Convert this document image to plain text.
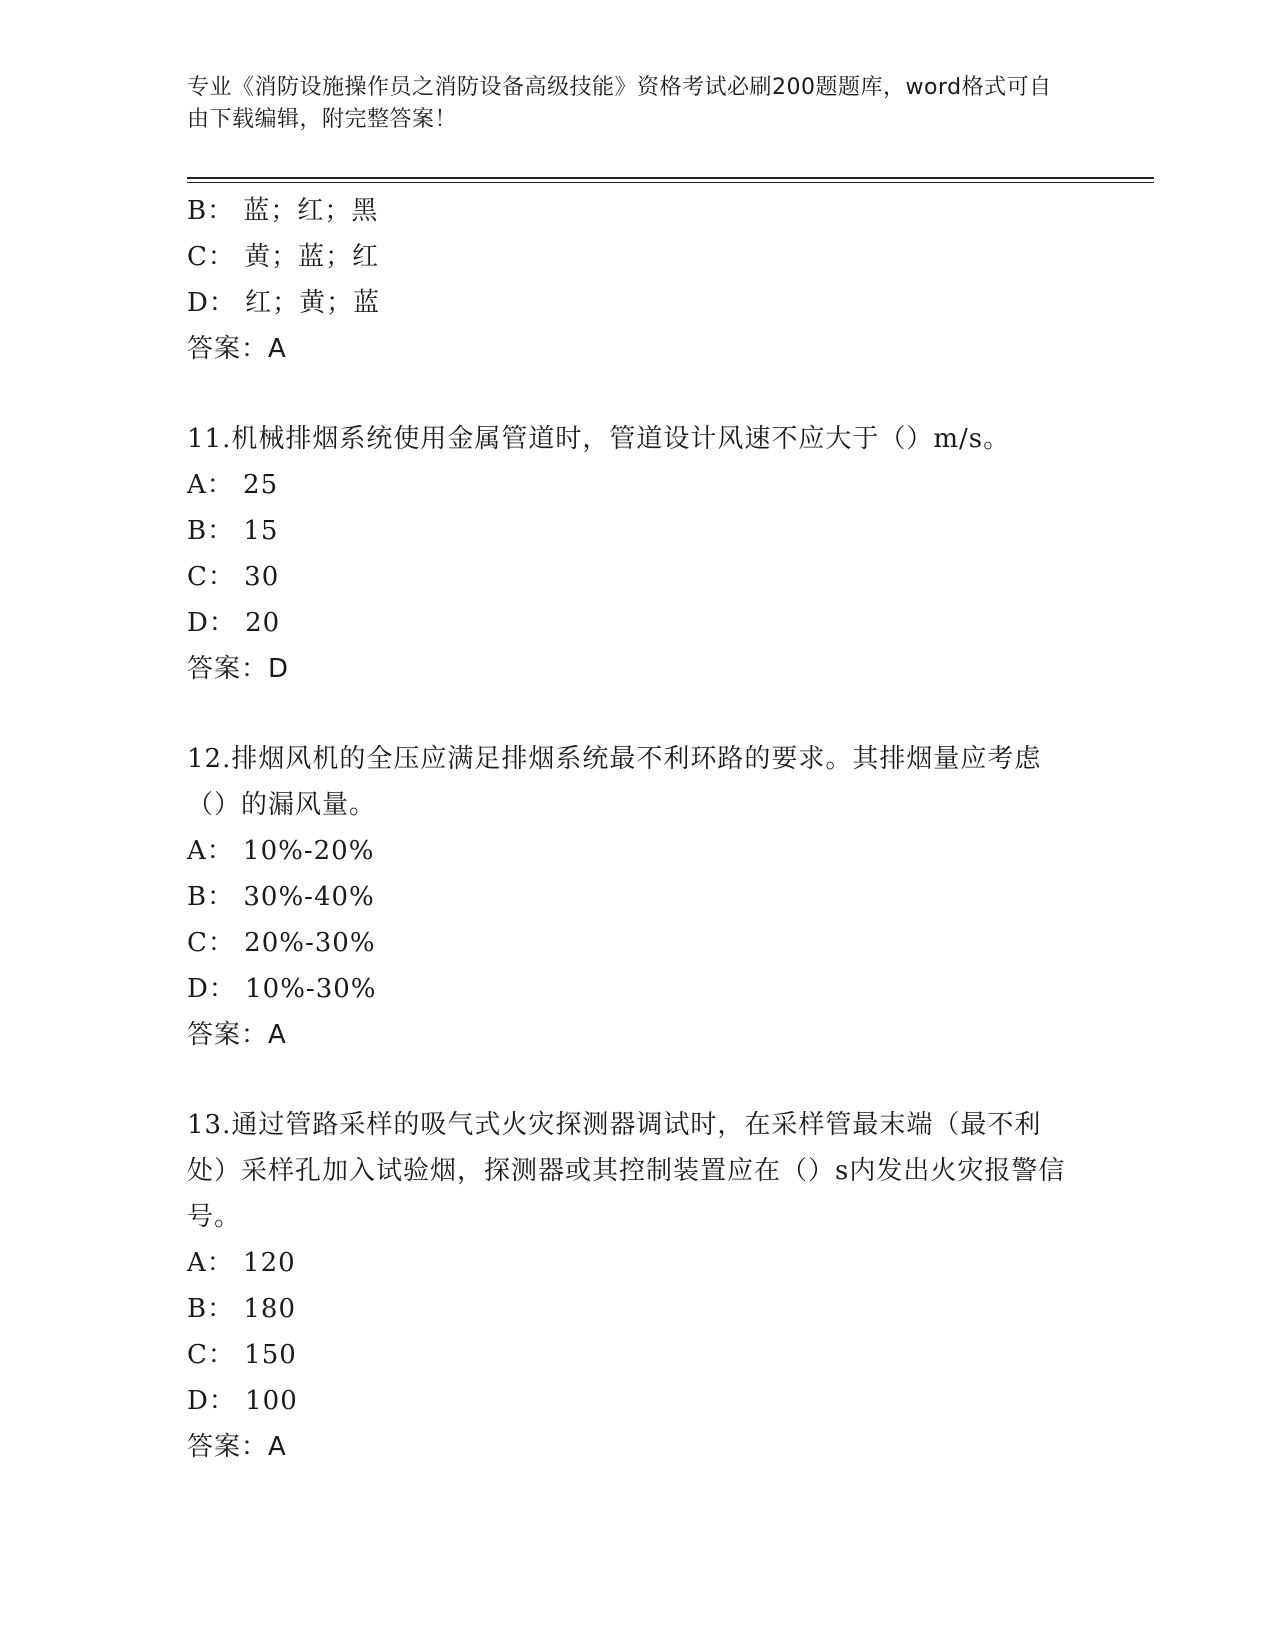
专业《消防设施操作员之消防设备高级技能》资格考试必刷200题题库，word格式可自由下载编辑，附完整答案！
B： 蓝；红；黑
C： 黄；蓝；红
D： 红；黄；蓝
答案：A
11.机械排烟系统使用金属管道时，管道设计风速不应大于（）m/s。
A： 25
B： 15
C： 30
D： 20
答案：D
12.排烟风机的全压应满足排烟系统最不利环路的要求。其排烟量应考虑（）的漏风量。
A： 10%-20%
B： 30%-40%
C： 20%-30%
D： 10%-30%
答案：A
13.通过管路采样的吸气式火灾探测器调试时，在采样管最末端（最不利处）采样孔加入试验烟，探测器或其控制装置应在（）s内发出火灾报警信号。
A： 120
B： 180
C： 150
D： 100
答案：A
